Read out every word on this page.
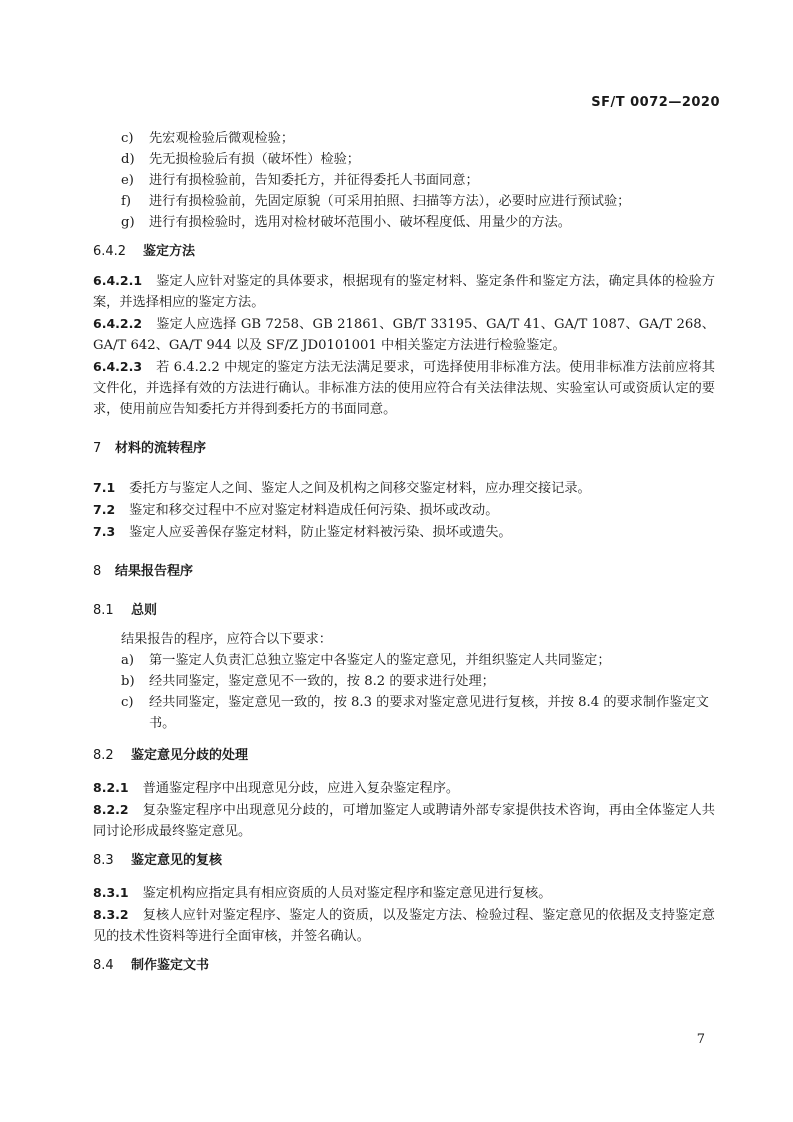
SF/T 0072—2020

c) 先宏观检验后微观检验；

d) 先无损检验后有损（破坏性）检验；

e) 进行有损检验前，告知委托方，并征得委托人书面同意；

f) 进行有损检验前，先固定原貌（可采用拍照、扫描等方法），必要时应进行预试验；

g) 进行有损检验时，选用对检材破坏范围小、破坏程度低、用量少的方法。

6.4.2 鉴定方法

6.4.2.1 鉴定人应针对鉴定的具体要求，根据现有的鉴定材料、鉴定条件和鉴定方法，确定具体的检验方案，并选择相应的鉴定方法。

6.4.2.2 鉴定人应选择 GB 7258、GB 21861、GB/T 33195、GA/T 41、GA/T 1087、GA/T 268、GA/T 642、GA/T 944 以及 SF/Z JD0101001 中相关鉴定方法进行检验鉴定。

6.4.2.3 若 6.4.2.2 中规定的鉴定方法无法满足要求，可选择使用非标准方法。使用非标准方法前应将其文件化，并选择有效的方法进行确认。非标准方法的使用应符合有关法律法规、实验室认可或资质认定的要求，使用前应告知委托方并得到委托方的书面同意。

7 材料的流转程序

7.1 委托方与鉴定人之间、鉴定人之间及机构之间移交鉴定材料，应办理交接记录。

7.2 鉴定和移交过程中不应对鉴定材料造成任何污染、损坏或改动。

7.3 鉴定人应妥善保存鉴定材料，防止鉴定材料被污染、损坏或遗失。

8 结果报告程序
8.1 总则

结果报告的程序，应符合以下要求：

a) 第一鉴定人负责汇总独立鉴定中各鉴定人的鉴定意见，并组织鉴定人共同鉴定；

b) 经共同鉴定，鉴定意见不一致的，按 8.2 的要求进行处理；

c) 经共同鉴定，鉴定意见一致的，按 8.3 的要求对鉴定意见进行复核，并按 8.4 的要求制作鉴定文书。

8.2 鉴定意见分歧的处理

8.2.1 普通鉴定程序中出现意见分歧，应进入复杂鉴定程序。

8.2.2 复杂鉴定程序中出现意见分歧的，可增加鉴定人或聘请外部专家提供技术咨询，再由全体鉴定人共同讨论形成最终鉴定意见。

8.3 鉴定意见的复核

8.3.1 鉴定机构应指定具有相应资质的人员对鉴定程序和鉴定意见进行复核。

8.3.2 复核人应针对鉴定程序、鉴定人的资质，以及鉴定方法、检验过程、鉴定意见的依据及支持鉴定意见的技术性资料等进行全面审核，并签名确认。

8.4 制作鉴定文书
7
